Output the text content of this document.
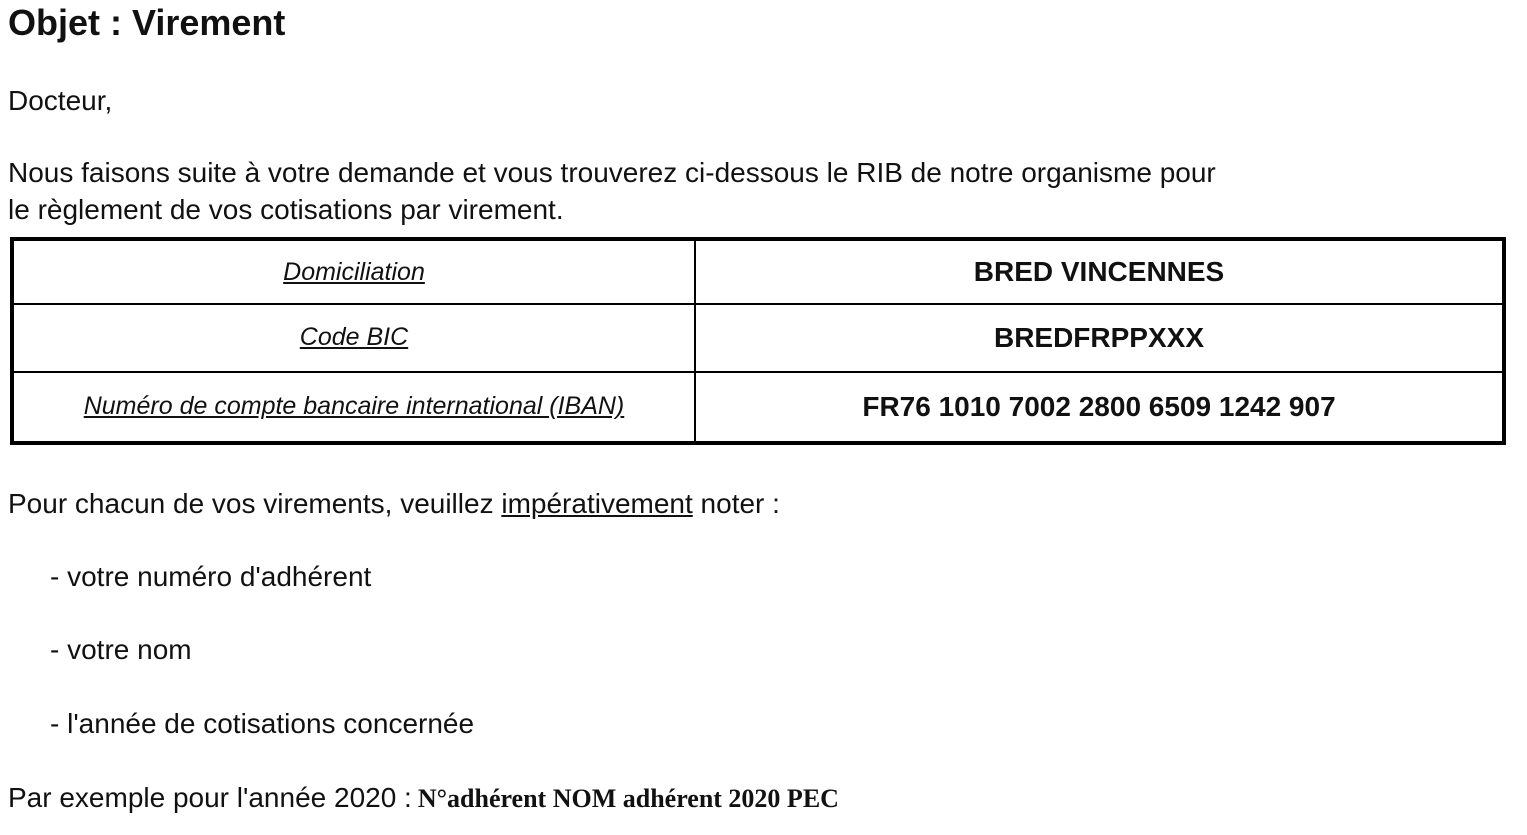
Objet : Virement
Docteur,
Nous faisons suite à votre demande et vous trouverez ci-dessous le RIB de notre organisme pour
le règlement de vos cotisations par virement.
Domiciliation	BRED VINCENNES
Code BIC	BREDFRPPXXX
Numéro de compte bancaire international (IBAN)	FR76 1010 7002 2800 6509 1242 907
Pour chacun de vos virements, veuillez impérativement noter :
- votre numéro d'adhérent
- votre nom
- l'année de cotisations concernée
Par exemple pour l'année 2020 : N°adhérent NOM adhérent 2020 PEC
